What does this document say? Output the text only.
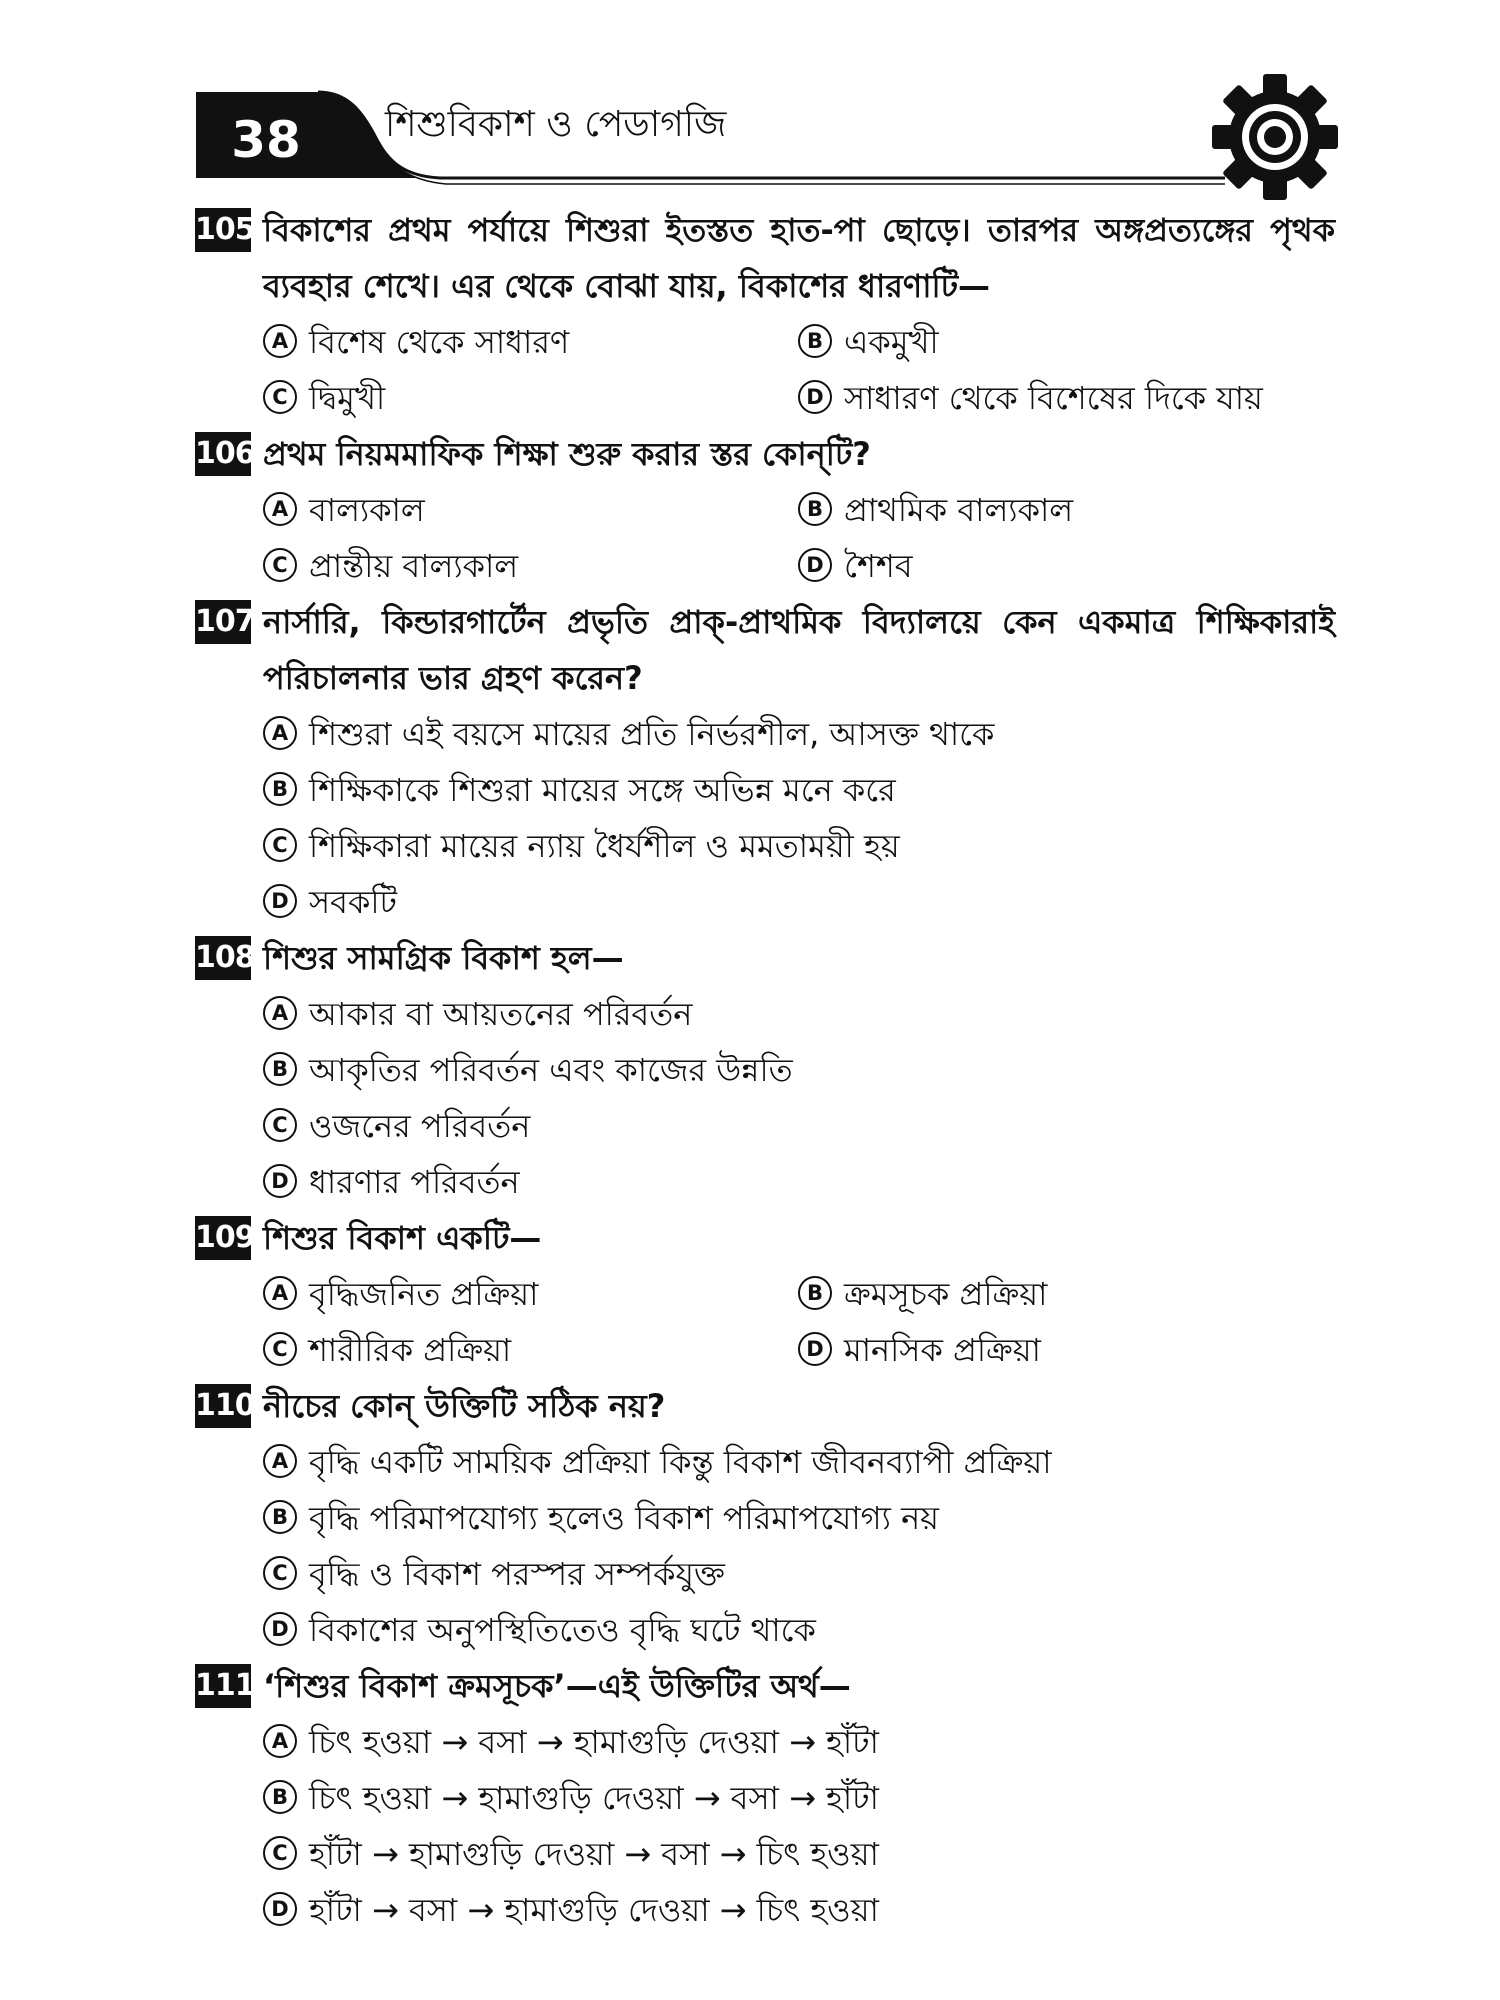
38	শিশুবিকাশ ও পেডাগজি
105 বিকাশের প্রথম পর্যায়ে শিশুরা ইতস্তত হাত-পা ছোড়ে। তারপর অঙ্গপ্রত্যঙ্গের পৃথক ব্যবহার শেখে। এর থেকে বোঝা যায়, বিকাশের ধারণাটি—
A বিশেষ থেকে সাধারণ	B একমুখী
C দ্বিমুখী	D সাধারণ থেকে বিশেষের দিকে যায়
106 প্রথম নিয়মমাফিক শিক্ষা শুরু করার স্তর কোন্‌টি?
A বাল্যকাল	B প্রাথমিক বাল্যকাল
C প্রান্তীয় বাল্যকাল	D শৈশব
107 নার্সারি, কিন্ডারগার্টেন প্রভৃতি প্রাক্‌-প্রাথমিক বিদ্যালয়ে কেন একমাত্র শিক্ষিকারাই পরিচালনার ভার গ্রহণ করেন?
A শিশুরা এই বয়সে মায়ের প্রতি নির্ভরশীল, আসক্ত থাকে
B শিক্ষিকাকে শিশুরা মায়ের সঙ্গে অভিন্ন মনে করে
C শিক্ষিকারা মায়ের ন্যায় ধৈর্যশীল ও মমতাময়ী হয়
D সবকটি
108 শিশুর সামগ্রিক বিকাশ হল—
A আকার বা আয়তনের পরিবর্তন
B আকৃতির পরিবর্তন এবং কাজের উন্নতি
C ওজনের পরিবর্তন
D ধারণার পরিবর্তন
109 শিশুর বিকাশ একটি—
A বৃদ্ধিজনিত প্রক্রিয়া	B ক্রমসূচক প্রক্রিয়া
C শারীরিক প্রক্রিয়া	D মানসিক প্রক্রিয়া
110 নীচের কোন্‌ উক্তিটি সঠিক নয়?
A বৃদ্ধি একটি সাময়িক প্রক্রিয়া কিন্তু বিকাশ জীবনব্যাপী প্রক্রিয়া
B বৃদ্ধি পরিমাপযোগ্য হলেও বিকাশ পরিমাপযোগ্য নয়
C বৃদ্ধি ও বিকাশ পরস্পর সম্পর্কযুক্ত
D বিকাশের অনুপস্থিতিতেও বৃদ্ধি ঘটে থাকে
111 ‘শিশুর বিকাশ ক্রমসূচক’—এই উক্তিটির অর্থ—
A চিৎ হওয়া → বসা → হামাগুড়ি দেওয়া → হাঁটা
B চিৎ হওয়া → হামাগুড়ি দেওয়া → বসা → হাঁটা
C হাঁটা → হামাগুড়ি দেওয়া → বসা → চিৎ হওয়া
D হাঁটা → বসা → হামাগুড়ি দেওয়া → চিৎ হওয়া
